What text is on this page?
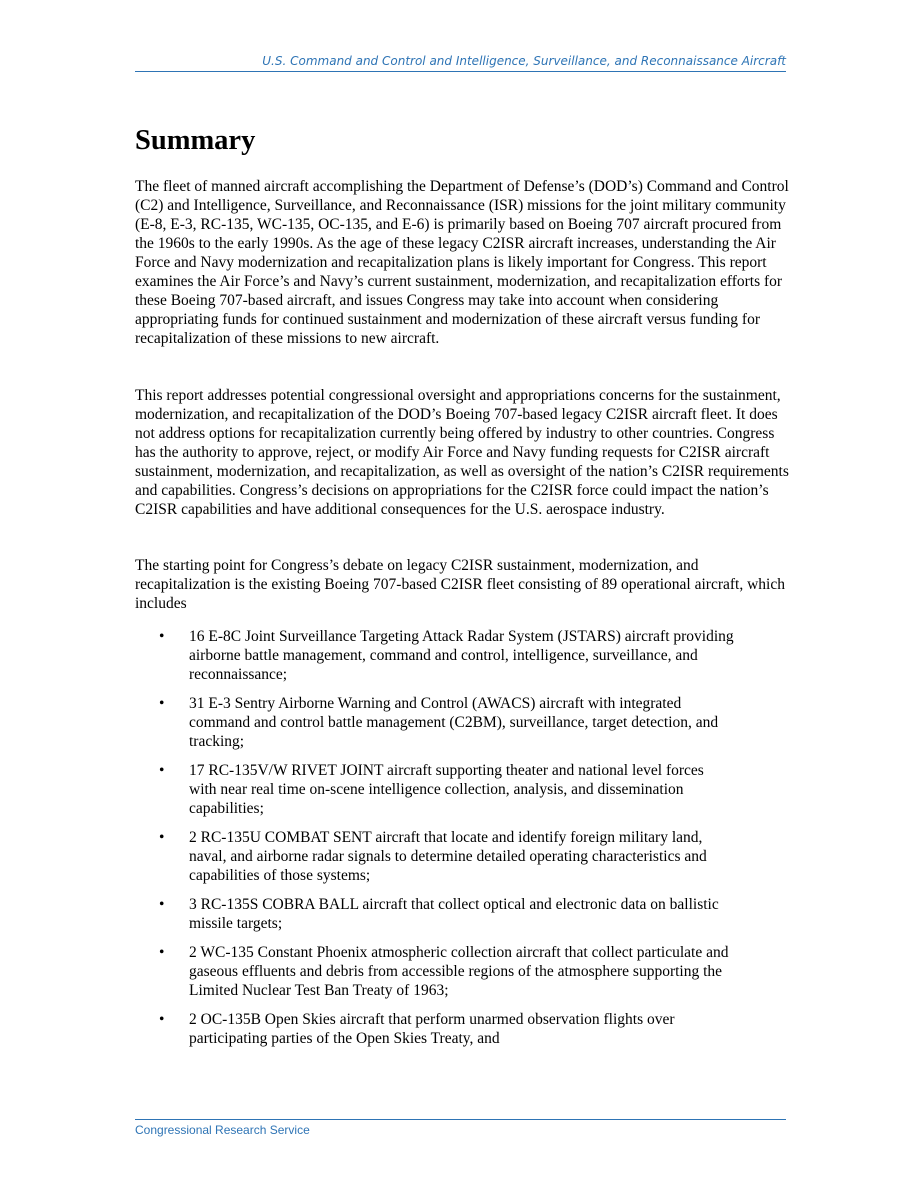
U.S. Command and Control and Intelligence, Surveillance, and Reconnaissance Aircraft
Summary

The fleet of manned aircraft accomplishing the Department of Defense’s (DOD’s) Command and Control (C2) and Intelligence, Surveillance, and Reconnaissance (ISR) missions for the joint military community (E-8, E-3, RC-135, WC-135, OC-135, and E-6) is primarily based on Boeing 707 aircraft procured from the 1960s to the early 1990s. As the age of these legacy C2ISR aircraft increases, understanding the Air Force and Navy modernization and recapitalization plans is likely important for Congress. This report examines the Air Force’s and Navy’s current sustainment, modernization, and recapitalization efforts for these Boeing 707-based aircraft, and issues Congress may take into account when considering appropriating funds for continued sustainment and modernization of these aircraft versus funding for recapitalization of these missions to new aircraft.

This report addresses potential congressional oversight and appropriations concerns for the sustainment, modernization, and recapitalization of the DOD’s Boeing 707-based legacy C2ISR aircraft fleet. It does not address options for recapitalization currently being offered by industry to other countries. Congress has the authority to approve, reject, or modify Air Force and Navy funding requests for C2ISR aircraft sustainment, modernization, and recapitalization, as well as oversight of the nation’s C2ISR requirements and capabilities. Congress’s decisions on appropriations for the C2ISR force could impact the nation’s C2ISR capabilities and have additional consequences for the U.S. aerospace industry.

The starting point for Congress’s debate on legacy C2ISR sustainment, modernization, and recapitalization is the existing Boeing 707-based C2ISR fleet consisting of 89 operational aircraft, which includes

• 16 E-8C Joint Surveillance Targeting Attack Radar System (JSTARS) aircraft providing airborne battle management, command and control, intelligence, surveillance, and reconnaissance;
• 31 E-3 Sentry Airborne Warning and Control (AWACS) aircraft with integrated command and control battle management (C2BM), surveillance, target detection, and tracking;
• 17 RC-135V/W RIVET JOINT aircraft supporting theater and national level forces with near real time on-scene intelligence collection, analysis, and dissemination capabilities;
• 2 RC-135U COMBAT SENT aircraft that locate and identify foreign military land, naval, and airborne radar signals to determine detailed operating characteristics and capabilities of those systems;
• 3 RC-135S COBRA BALL aircraft that collect optical and electronic data on ballistic missile targets;
• 2 WC-135 Constant Phoenix atmospheric collection aircraft that collect particulate and gaseous effluents and debris from accessible regions of the atmosphere supporting the Limited Nuclear Test Ban Treaty of 1963;
• 2 OC-135B Open Skies aircraft that perform unarmed observation flights over participating parties of the Open Skies Treaty, and
Congressional Research Service
